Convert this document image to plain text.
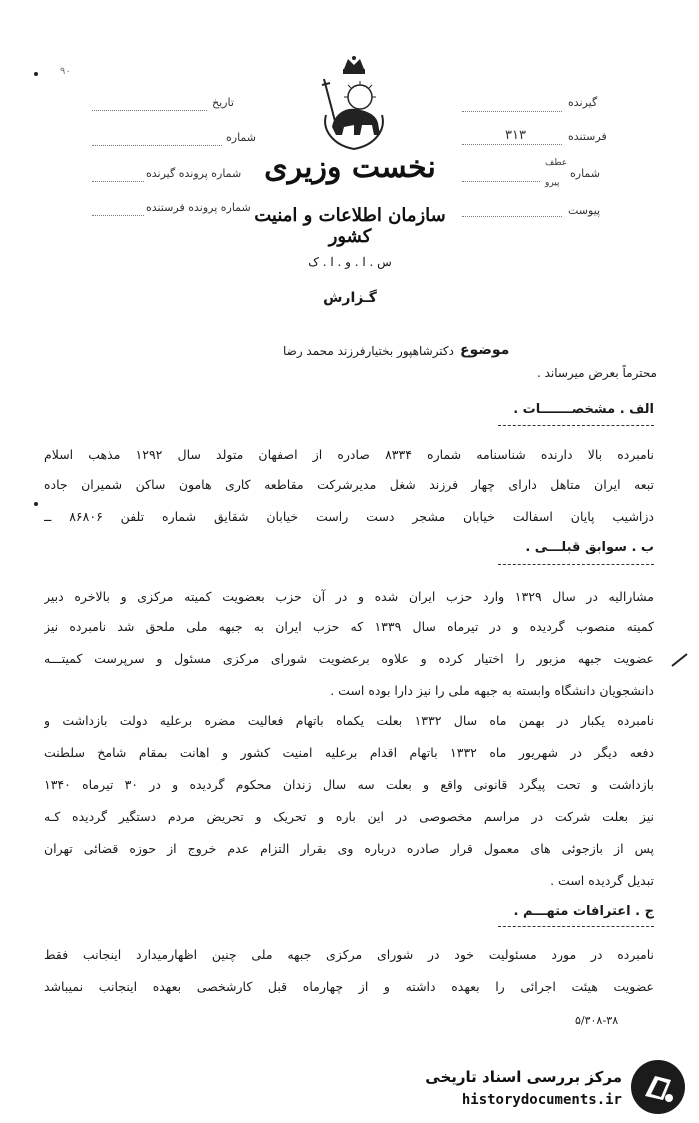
۹۰
تاریخ
شماره
شماره پرونده گیرنده
شماره پرونده فرستنده
نخست وزیری
سازمان اطلاعات و امنیت کشور
س . ا . و . ا . ک
گیرنده
۳۱۳	فرستنده
عطف
پیرو
شماره
پیوست
گـزارش
موضوع
دکترشاهپور بختیارفرزند محمد رضا
محترماً بعرض میرساند .
الف . مشخصـــــــات .
نامبرده بالا دارنده شناسنامه شماره ۸۳۳۴ صادره از اصفهان متولد سال ۱۲۹۲ مذهب اسلام
تبعه ایران متاهل دارای چهار فرزند شغل مدیرشرکت مقاطعه کاری هامون ساکن شمیران جاده
دزاشیب پایان اسفالت خیابان مشجر دست راست خیابان شقایق شماره تلفن ۸۶۸۰۶ ــ
ب . سوابق قبلـــی .
مشارالیه در سال ۱۳۲۹ وارد حزب ایران شده و در آن حزب بعضویت کمیته مرکزی و بالاخره دبیر
کمیته منصوب گردیده و در تیرماه سال ۱۳۳۹ که حزب ایران به جبهه ملی ملحق شد نامبرده نیز
عضویت جبهه مزبور را اختیار کرده و علاوه برعضویت شورای مرکزی مسئول و سرپرست کمیتـــه
دانشجویان دانشگاه وابسته به جبهه ملی را نیز دارا بوده است .
نامبرده یکبار در بهمن ماه سال ۱۳۳۲ بعلت یکماه باتهام فعالیت مضره برعلیه دولت بازداشت و
دفعه دیگر در شهریور ماه ۱۳۳۲ باتهام اقدام برعلیه امنیت کشور و اهانت بمقام شامخ سلطنت
بازداشت و تحت پیگرد قانونی واقع و بعلت سه سال زندان محکوم گردیده و در ۳۰ تیرماه ۱۳۴۰
نیز بعلت شرکت در مراسم مخصوصی در این باره و تحریک و تحریض مردم دستگیر گردیده کـه
پس از بازجوئی های معمول قرار صادره درباره وی بقرار التزام عدم خروج از حوزه قضائی تهران
تبدیل گردیده است .
ج . اعترافات متهـــم .
نامبرده در مورد مسئولیت خود در شورای مرکزی جبهه ملی چنین اظهارمیدارد اینجانب فقط
عضویت هیئت اجرائی را بعهده داشته و از چهارماه قبل کارشخصی بعهده اینجانب نمیباشد
۵/۳۰۸-۳۸
مرکز بررسی اسناد تاریخی
historydocuments.ir
